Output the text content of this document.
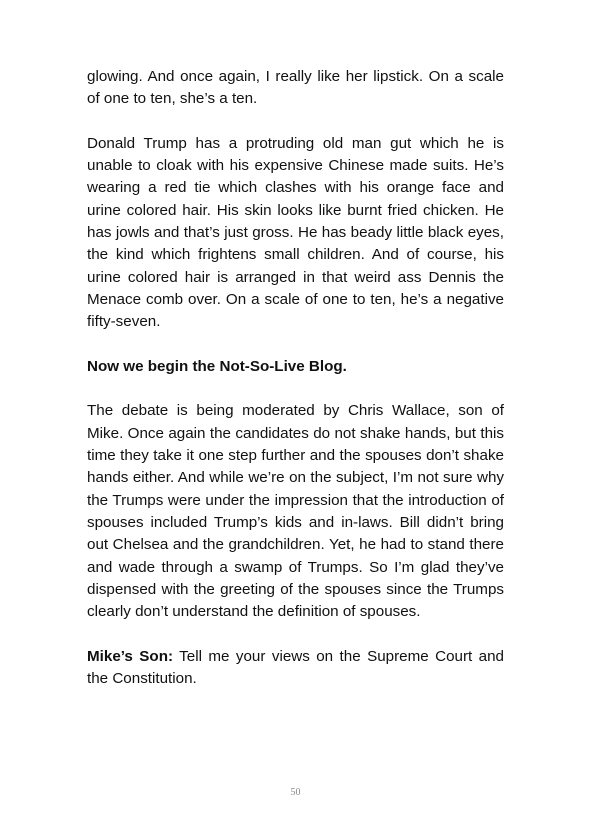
glowing. And once again, I really like her lipstick. On a scale of one to ten, she’s a ten.

Donald Trump has a protruding old man gut which he is unable to cloak with his expensive Chinese made suits. He’s wearing a red tie which clashes with his orange face and urine colored hair. His skin looks like burnt fried chicken. He has jowls and that’s just gross. He has beady little black eyes, the kind which frightens small children. And of course, his urine colored hair is arranged in that weird ass Dennis the Menace comb over. On a scale of one to ten, he’s a negative fifty-seven.

Now we begin the Not-So-Live Blog.

The debate is being moderated by Chris Wallace, son of Mike. Once again the candidates do not shake hands, but this time they take it one step further and the spouses don’t shake hands either. And while we’re on the subject, I’m not sure why the Trumps were under the impression that the introduction of spouses included Trump’s kids and in-laws. Bill didn’t bring out Chelsea and the grandchildren. Yet, he had to stand there and wade through a swamp of Trumps. So I’m glad they’ve dispensed with the greeting of the spouses since the Trumps clearly don’t understand the definition of spouses.

Mike’s Son: Tell me your views on the Supreme Court and the Constitution.

50
